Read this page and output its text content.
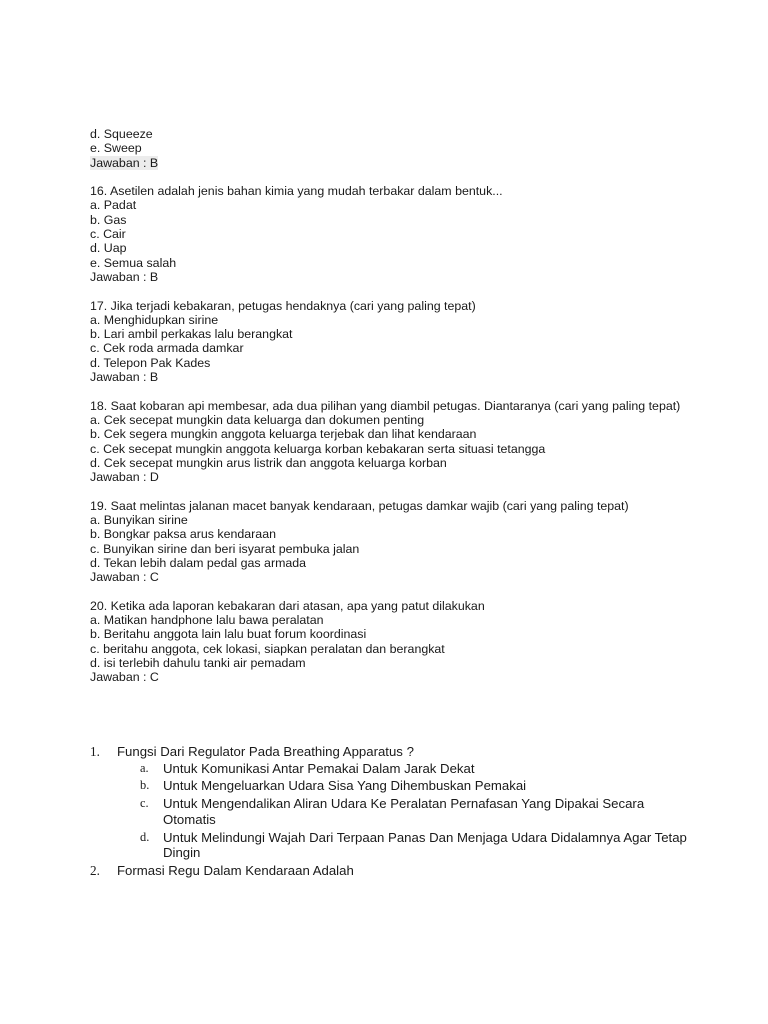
d. Squeeze
e. Sweep
Jawaban : B
16. Asetilen adalah jenis bahan kimia yang mudah terbakar dalam bentuk...
a. Padat
b. Gas
c. Cair
d. Uap
e. Semua salah
Jawaban : B
17. Jika terjadi kebakaran, petugas hendaknya (cari yang paling tepat)
a. Menghidupkan sirine
b. Lari ambil perkakas lalu berangkat
c. Cek roda armada damkar
d. Telepon Pak Kades
Jawaban : B
18. Saat kobaran api membesar, ada dua pilihan yang diambil petugas. Diantaranya (cari yang paling tepat)
a. Cek secepat mungkin data keluarga dan dokumen penting
b. Cek segera mungkin anggota keluarga terjebak dan lihat kendaraan
c. Cek secepat mungkin anggota keluarga korban kebakaran serta situasi tetangga
d. Cek secepat mungkin arus listrik dan anggota keluarga korban
Jawaban : D
19. Saat melintas jalanan macet banyak kendaraan, petugas damkar wajib (cari yang paling tepat)
a. Bunyikan sirine
b. Bongkar paksa arus kendaraan
c. Bunyikan sirine dan beri isyarat pembuka jalan
d. Tekan lebih dalam pedal gas armada
Jawaban : C
20. Ketika ada laporan kebakaran dari atasan, apa yang patut dilakukan
a. Matikan handphone lalu bawa peralatan
b. Beritahu anggota lain lalu buat forum koordinasi
c. beritahu anggota, cek lokasi, siapkan peralatan dan berangkat
d. isi terlebih dahulu tanki air pemadam
Jawaban : C
1.	Fungsi Dari Regulator Pada Breathing Apparatus ?
a.	Untuk Komunikasi Antar Pemakai Dalam Jarak Dekat
b.	Untuk Mengeluarkan Udara Sisa Yang Dihembuskan Pemakai
c.	Untuk Mengendalikan Aliran Udara Ke Peralatan Pernafasan Yang Dipakai Secara Otomatis
d.	Untuk Melindungi Wajah Dari Terpaan Panas Dan Menjaga Udara Didalamnya Agar Tetap Dingin
2.	Formasi Regu Dalam Kendaraan Adalah
